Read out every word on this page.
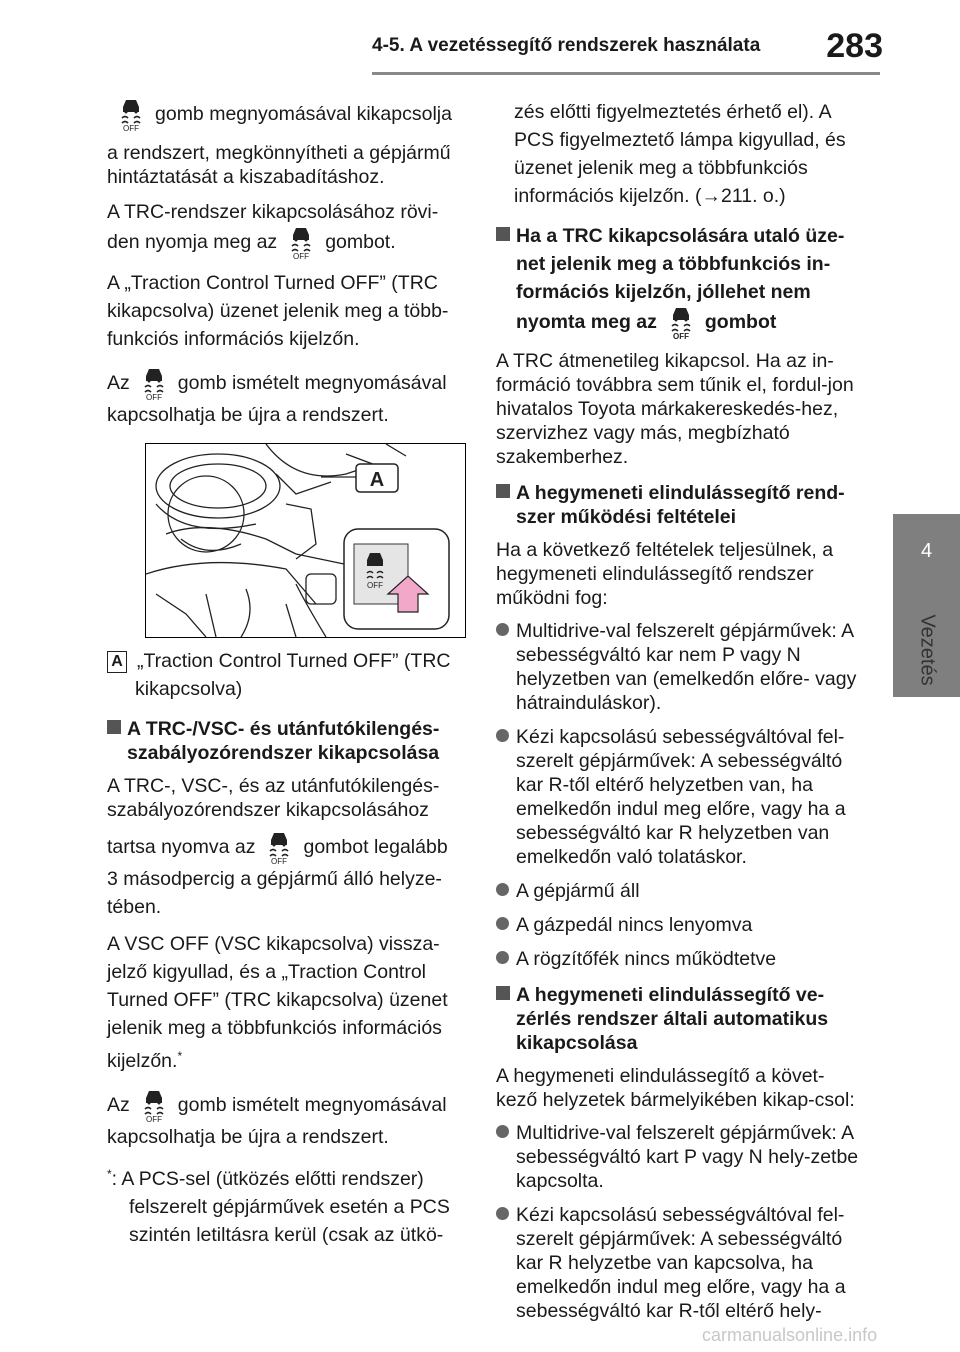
4-5. A vezetéssegítő rendszerek használata	283
4
Vezetés

OFF
gomb megnyomásával kikapcsolja

a rendszert, megkönnyítheti a gépjármű hintáztatását a kiszabadításhoz.

A TRC-rendszer kikapcsolásához rövi-den nyomja meg az
OFF
gombot.

A „Traction Control Turned OFF” (TRC kikapcsolva) üzenet jelenik meg a több-funkciós információs kijelzőn.

Az
OFF
gomb ismételt megnyomásával kapcsolhatja be újra a rendszert.

A
OFF

A „Traction Control Turned OFF” (TRC kikapcsolva)

A TRC-/VSC- és utánfutókilengés-szabályozórendszer kikapcsolása

A TRC-, VSC-, és az utánfutókilengés-szabályozórendszer kikapcsolásához

tartsa nyomva az
OFF
gombot legalább 3 másodpercig a gépjármű álló helyze-tében.

A VSC OFF (VSC kikapcsolva) vissza-jelző kigyullad, és a „Traction Control Turned OFF” (TRC kikapcsolva) üzenet jelenik meg a többfunkciós információs kijelzőn.*

Az
OFF
gomb ismételt megnyomásával kapcsolhatja be újra a rendszert.

*: A PCS-sel (ütközés előtti rendszer) felszerelt gépjárművek esetén a PCS szintén letiltásra kerül (csak az ütkö-

zés előtti figyelmeztetés érhető el). A PCS figyelmeztető lámpa kigyullad, és üzenet jelenik meg a többfunkciós információs kijelzőn. (→211. o.)

Ha a TRC kikapcsolására utaló üze-net jelenik meg a többfunkciós in-formációs kijelzőn, jóllehet nem nyomta meg az
OFF
gombot

A TRC átmenetileg kikapcsol. Ha az in-formáció továbbra sem tűnik el, fordul-jon hivatalos Toyota márkakereskedés-hez, szervizhez vagy más, megbízható szakemberhez.

A hegymeneti elindulássegítő rend-szer működési feltételei

Ha a következő feltételek teljesülnek, a hegymeneti elindulássegítő rendszer működni fog:

Multidrive-val felszerelt gépjárművek: A sebességváltó kar nem P vagy N helyzetben van (emelkedőn előre- vagy hátrainduláskor).

Kézi kapcsolású sebességváltóval fel-szerelt gépjárművek: A sebességváltó kar R-től eltérő helyzetben van, ha emelkedőn indul meg előre, vagy ha a sebességváltó kar R helyzetben van emelkedőn való tolatáskor.

A gépjármű áll

A gázpedál nincs lenyomva

A rögzítőfék nincs működtetve

A hegymeneti elindulássegítő ve-zérlés rendszer általi automatikus kikapcsolása

A hegymeneti elindulássegítő a követ-kező helyzetek bármelyikében kikap-csol:

Multidrive-val felszerelt gépjárművek: A sebességváltó kart P vagy N hely-zetbe kapcsolta.

Kézi kapcsolású sebességváltóval fel-szerelt gépjárművek: A sebességváltó kar R helyzetbe van kapcsolva, ha emelkedőn indul meg előre, vagy ha a sebességváltó kar R-től eltérő hely-

carmanualsonline.info
